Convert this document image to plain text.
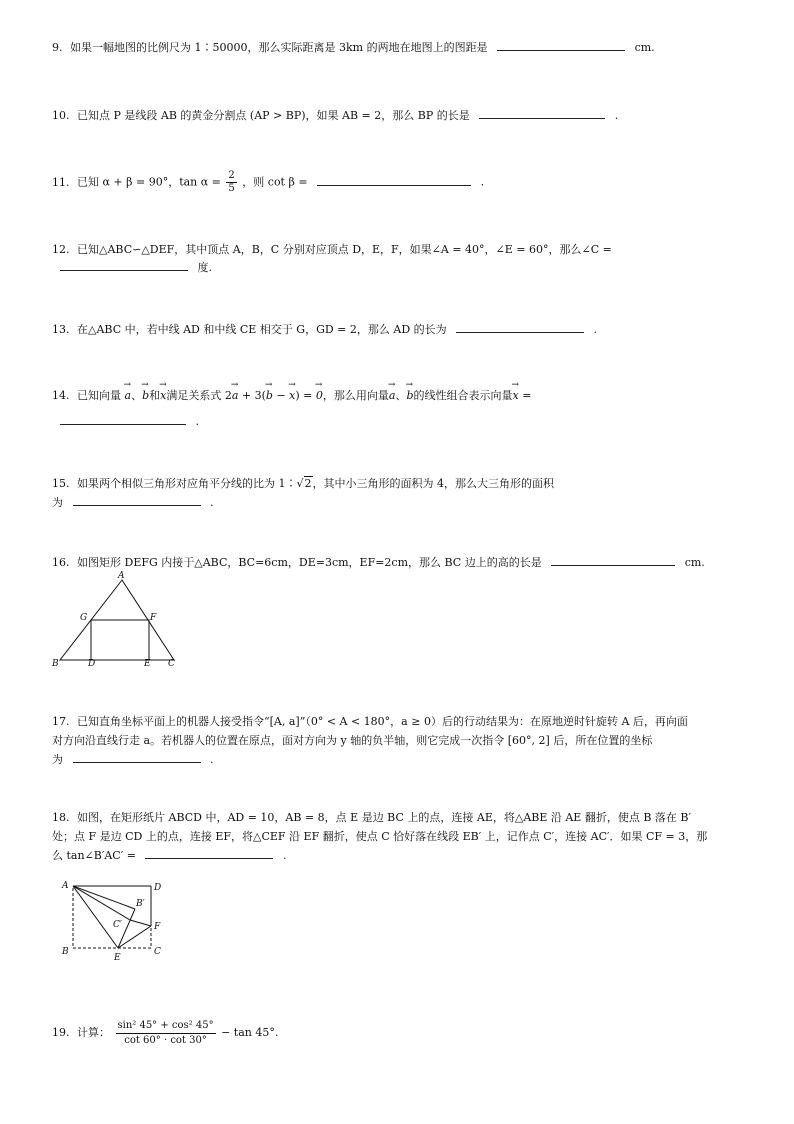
9. 如果一幅地图的比例尺为 1∶50000，那么实际距离是 3km 的两地在地图上的图距是	cm.
10. 已知点 P 是线段 AB 的黄金分割点 (AP > BP)，如果 AB = 2，那么 BP 的长是	.
11. 已知 α + β = 90°，$\tan \alpha = \frac{2}{5}$ ，则 cot β =	.
12. 已知△ABC∽△DEF，其中顶点 A，B，C 分别对应顶点 D，E，F，如果∠A = 40°，∠E = 60°，那么∠C =
度.
13. 在△ABC 中，若中线 AD 和中线 CE 相交于 G，GD = 2，那么 AD 的长为	.
14. 已知向量 → a、→ b和→ x满足关系式 2→ a + 3(→ b − → x) = → 0，那么用向量→ a、→ b的线性组合表示向量→ x =
.
15. 如果两个相似三角形对应角平分线的比为 1∶√2，其中小三角形的面积为 4，那么大三角形的面积
为	.
16. 如图矩形 DEFG 内接于△ABC，BC=6cm，DE=3cm，EF=2cm，那么 BC 边上的高的长是	cm.
A
B	C
D	E
F
G
17. 已知直角坐标平面上的机器人接受指令“[A, a]”（0° < A < 180°，a ≥ 0）后的行动结果为：在原地逆时针旋转 A 后，再向面
对方向沿直线行走 a。若机器人的位置在原点，面对方向为 y 轴的负半轴，则它完成一次指令 [60°, 2] 后，所在位置的坐标
为	.
18. 如图，在矩形纸片 ABCD 中，AD = 10，AB = 8，点 E 是边 BC 上的点，连接 AE，将△ABE 沿 AE 翻折，使点 B 落在 B′
处；点 F 是边 CD 上的点，连接 EF，将△CEF 沿 EF 翻折，使点 C 恰好落在线段 EB′ 上，记作点 C′，连接 AC′．如果 CF = 3，那
么 tan∠B′AC′ =	.
A
B	C
D
E
F
B′
C′
19. 计算： $\frac{\text{sin² 45° + cos² 45°}}{\cot 60^\circ \cdot \cot 30^\circ} - \tan 45^\circ$.
